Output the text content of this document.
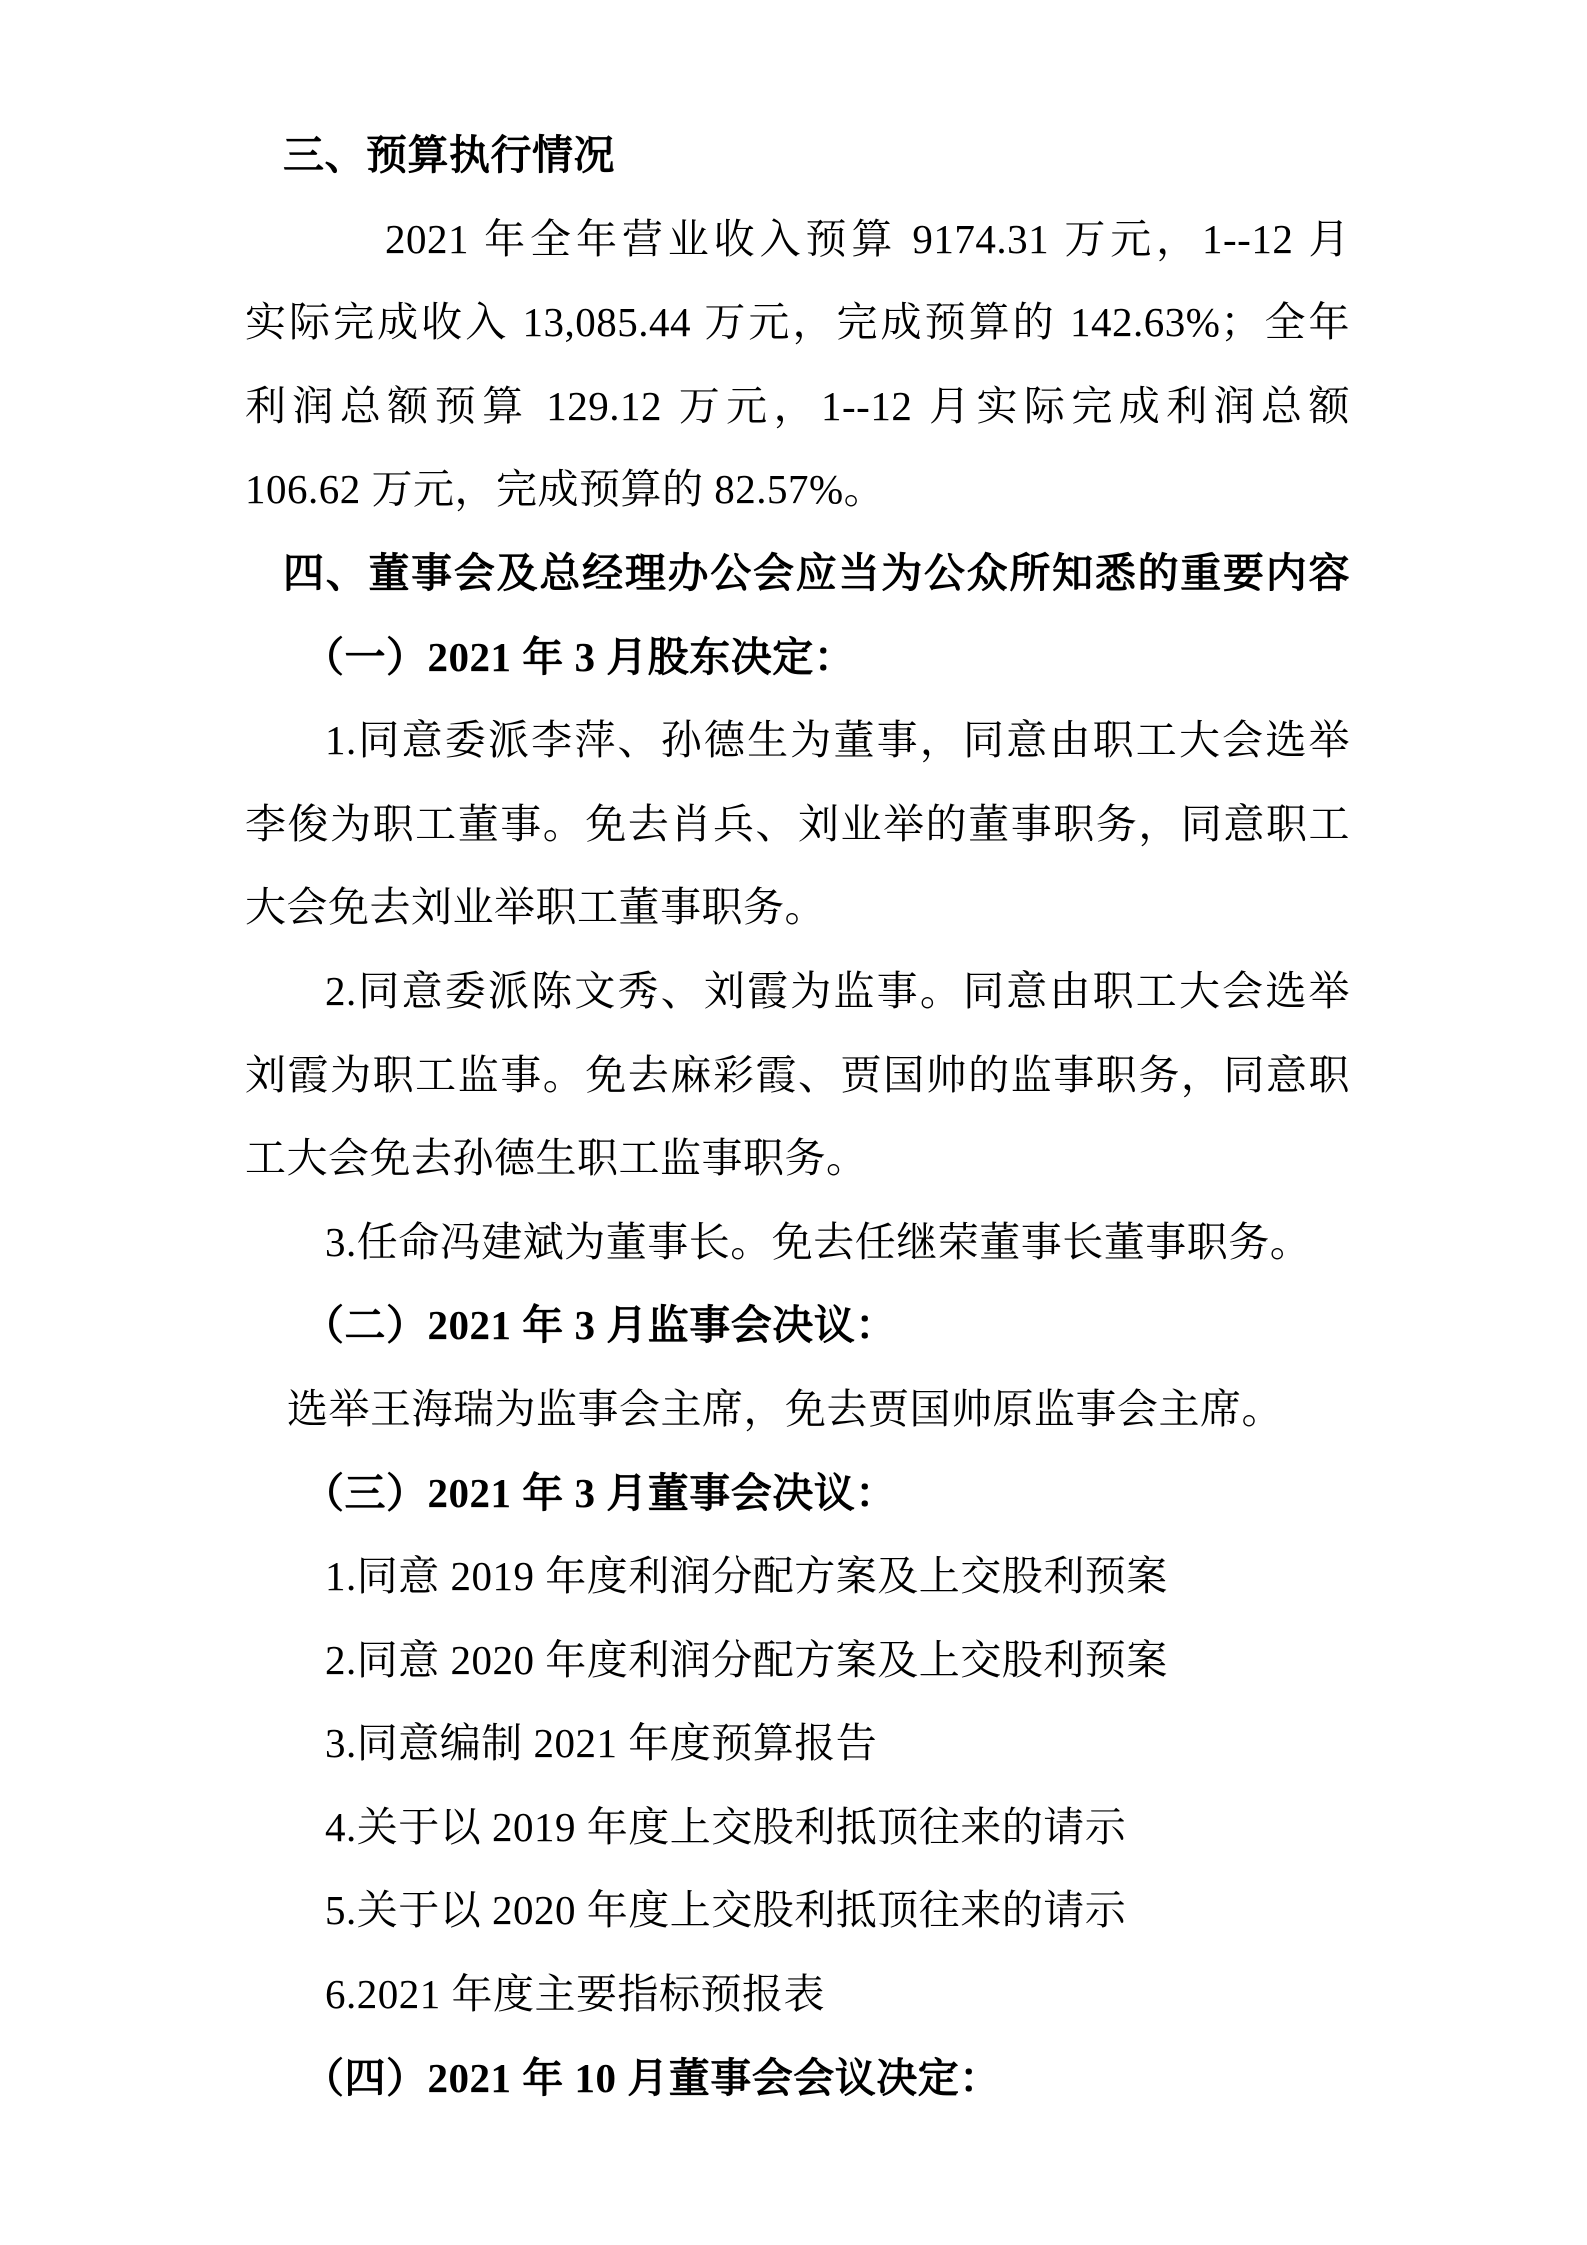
三、预算执行情况
2021 年全年营业收入预算 9174.31 万元，1--12 月
实际完成收入 13,085.44 万元，完成预算的 142.63%；全年
利润总额预算 129.12 万元，1--12 月实际完成利润总额
106.62 万元，完成预算的 82.57%。
四、董事会及总经理办公会应当为公众所知悉的重要内容
（一）2021 年 3 月股东决定：
1.同意委派李萍、孙德生为董事，同意由职工大会选举
李俊为职工董事。免去肖兵、刘业举的董事职务，同意职工
大会免去刘业举职工董事职务。
2.同意委派陈文秀、刘霞为监事。同意由职工大会选举
刘霞为职工监事。免去麻彩霞、贾国帅的监事职务，同意职
工大会免去孙德生职工监事职务。
3.任命冯建斌为董事长。免去任继荣董事长董事职务。
（二）2021 年 3 月监事会决议：
选举王海瑞为监事会主席，免去贾国帅原监事会主席。
（三）2021 年 3 月董事会决议：
1.同意 2019 年度利润分配方案及上交股利预案
2.同意 2020 年度利润分配方案及上交股利预案
3.同意编制 2021 年度预算报告
4.关于以 2019 年度上交股利抵顶往来的请示
5.关于以 2020 年度上交股利抵顶往来的请示
6.2021 年度主要指标预报表
（四）2021 年 10 月董事会会议决定：
